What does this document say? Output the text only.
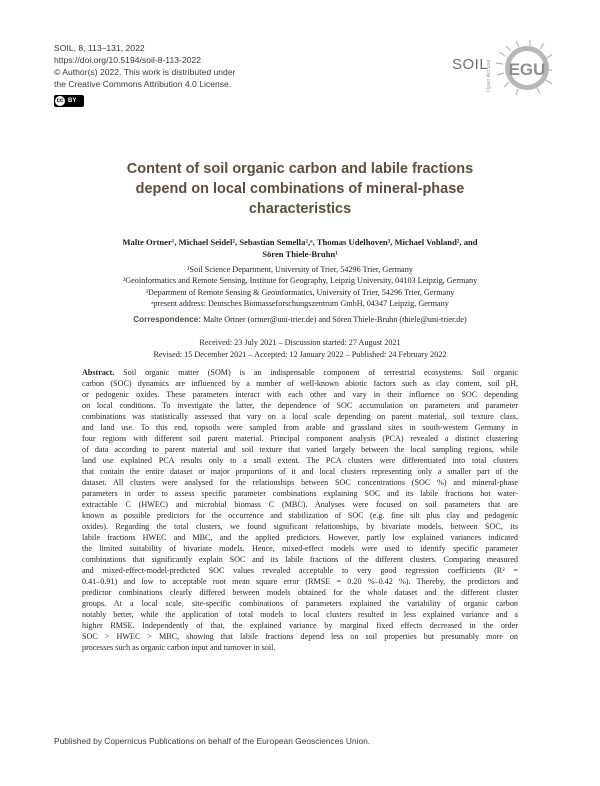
SOIL, 8, 113–131, 2022
https://doi.org/10.5194/soil-8-113-2022
© Author(s) 2022. This work is distributed under
the Creative Commons Attribution 4.0 License.
cc BY
EGU
SOIL
Open Access
Content of soil organic carbon and labile fractions
depend on local combinations of mineral-phase
characteristics
Malte Ortner¹, Michael Seidel², Sebastian Semella²,ᵃ, Thomas Udelhoven³, Michael Vohland², and
Sören Thiele-Bruhn¹
¹Soil Science Department, University of Trier, 54296 Trier, Germany
²Geoinformatics and Remote Sensing, Institute for Geography, Leipzig University, 04103 Leipzig, Germany
³Department of Remote Sensing & Geoinformatics, University of Trier, 54296 Trier, Germany
ᵃpresent address: Deutsches Biomasseforschungszentrum GmbH, 04347 Leipzig, Germany
Correspondence: Malte Ortner (ortner@uni-trier.de) and Sören Thiele-Bruhn (thiele@uni-trier.de)
Received: 23 July 2021 – Discussion started: 27 August 2021
Revised: 15 December 2021 – Accepted: 12 January 2022 – Published: 24 February 2022
Abstract. Soil organic matter (SOM) is an indispensable component of terrestrial ecosystems. Soil organic
carbon (SOC) dynamics are influenced by a number of well-known abiotic factors such as clay content, soil pH,
or pedogenic oxides. These parameters interact with each other and vary in their influence on SOC depending
on local conditions. To investigate the latter, the dependence of SOC accumulation on parameters and parameter
combinations was statistically assessed that vary on a local scale depending on parent material, soil texture class,
and land use. To this end, topsoils were sampled from arable and grassland sites in south-western Germany in
four regions with different soil parent material. Principal component analysis (PCA) revealed a distinct clustering
of data according to parent material and soil texture that varied largely between the local sampling regions, while
land use explained PCA results only to a small extent. The PCA clusters were differentiated into total clusters
that contain the entire dataset or major proportions of it and local clusters representing only a smaller part of the
dataset. All clusters were analysed for the relationships between SOC concentrations (SOC %) and mineral-phase
parameters in order to assess specific parameter combinations explaining SOC and its labile fractions hot water-
extractable C (HWEC) and microbial biomass C (MBC). Analyses were focused on soil parameters that are
known as possible predictors for the occurrence and stabilization of SOC (e.g. fine silt plus clay and pedogenic
oxides). Regarding the total clusters, we found significant relationships, by bivariate models, between SOC, its
labile fractions HWEC and MBC, and the applied predictors. However, partly low explained variances indicated
the limited suitability of bivariate models. Hence, mixed-effect models were used to identify specific parameter
combinations that significantly explain SOC and its labile fractions of the different clusters. Comparing measured
and mixed-effect-model-predicted SOC values revealed acceptable to very good regression coefficients (R² =
0.41–0.91) and low to acceptable root mean square error (RMSE = 0.20 %–0.42 %). Thereby, the predictors and
predictor combinations clearly differed between models obtained for the whole dataset and the different cluster
groups. At a local scale, site-specific combinations of parameters explained the variability of organic carbon
notably better, while the application of total models to local clusters resulted in less explained variance and a
higher RMSE. Independently of that, the explained variance by marginal fixed effects decreased in the order
SOC > HWEC > MBC, showing that labile fractions depend less on soil properties but presumably more on
processes such as organic carbon input and turnover in soil.
Published by Copernicus Publications on behalf of the European Geosciences Union.
